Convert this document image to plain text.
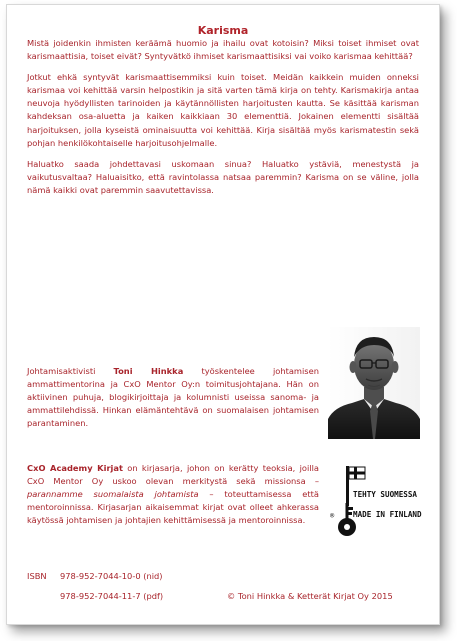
Karisma

Mistä joidenkin ihmisten keräämä huomio ja ihailu ovat kotoisin? Miksi toiset ihmiset ovat karismaattisia, toiset eivät? Syntyvätkö ihmiset karismaattisiksi vai voiko karismaa kehittää?

Jotkut ehkä syntyvät karismaattisemmiksi kuin toiset. Meidän kaikkein muiden onneksi karismaa voi kehittää varsin helpostikin ja sitä varten tämä kirja on tehty. Karismakirja antaa neuvoja hyödyllisten tarinoiden ja käytännöllisten harjoitusten kautta. Se käsittää karisman kahdeksan osa-aluetta ja kaiken kaikkiaan 30 elementtiä. Jokainen elementti sisältää harjoituksen, jolla kyseistä ominaisuutta voi kehittää. Kirja sisältää myös karismatestin sekä pohjan henkilökohtaiselle harjoitusohjelmalle.

Haluatko saada johdettavasi uskomaan sinua? Haluatko ystäviä, menestystä ja vaikutusvaltaa? Haluaisitko, että ravintolassa natsaa paremmin? Karisma on se väline, jolla nämä kaikki ovat paremmin saavutettavissa.

Johtamisaktivisti Toni Hinkka työskentelee johtamisen ammattimentorina ja CxO Mentor Oy:n toimitusjohtajana. Hän on aktiivinen puhuja, blogikirjoittaja ja kolumnisti useissa sanoma- ja ammattilehdissä. Hinkan elämäntehtävä on suomalaisen johtamisen parantaminen.

CxO Academy Kirjat on kirjasarja, johon on kerätty teoksia, joilla CxO Mentor Oy uskoo olevan merkitystä sekä missionsa – parannamme suomalaista johtamista – toteuttamisessa että mentoroinnissa. Kirjasarjan aikaisemmat kirjat ovat olleet ahkerassa käytössä johtamisen ja johtajien kehittämisessä ja mentoroinnissa.

TEHTY SUOMESSA
MADE IN FINLAND
®
ISBN 978-952-7044-10-0 (nid)
978-952-7044-11-7 (pdf)	© Toni Hinkka & Ketterät Kirjat Oy 2015
